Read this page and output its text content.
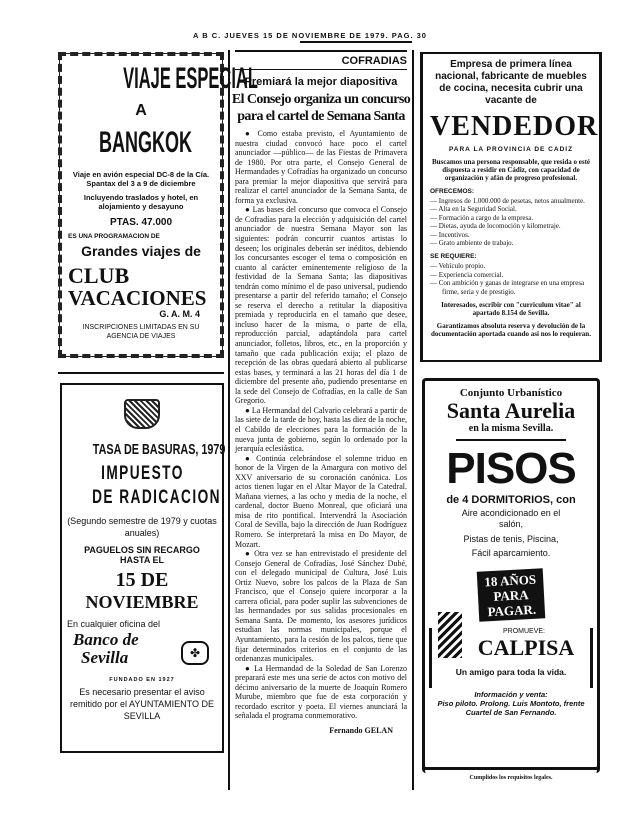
A B C. JUEVES 15 DE NOVIEMBRE DE 1979. PAG. 30
VIAJE ESPECIAL
A
BANGKOK
Viaje en avión especial DC-8 de la Cía. Spantax del 3 a 9 de diciembre
Incluyendo traslados y hotel, en alojamiento y desayuno
PTAS. 47.000
ES UNA PROGRAMACION DE
Grandes viajes de
CLUB
VACACIONES
G. A. M. 4
INSCRIPCIONES LIMITADAS EN SU AGENCIA DE VIAJES
TASA DE BASURAS, 1979
IMPUESTO
DE RADICACION
(Segundo semestre de 1979 y cuotas anuales)
PAGUELOS SIN RECARGO
HASTA EL
15 DE
NOVIEMBRE
En cualquier oficina del
Banco de
Sevilla	✤
FUNDADO EN 1927
Es necesario presentar el aviso remitido por el AYUNTAMIENTO DE SEVILLA
COFRADIAS
Premiará la mejor diapositiva
El Consejo organiza un concurso para el cartel de Semana Santa

● Como estaba previsto, el Ayuntamiento de nuestra ciudad convocó hace poco el cartel anunciador —público— de las Fiestas de Primavera de 1980. Por otra parte, el Consejo General de Hermandades y Cofradías ha organizado un concurso para premiar la mejor diapositiva que servirá para realizar el cartel anunciador de la Semana Santa, de forma ya exclusiva.

● Las bases del concurso que convoca el Consejo de Cofradías para la elección y adquisición del cartel anunciador de nuestra Semana Mayor son las siguientes: podrán concurrir cuantos artistas lo deseen; los originales deberán ser inéditos, debiendo los concursantes escoger el tema o composición en cuanto al carácter eminentemente religioso de la festividad de la Semana Santa; las diapositivas tendrán como mínimo el de paso universal, pudiendo presentarse a partir del referido tamaño; el Consejo se reserva el derecho a retitular la diapositiva premiada y reproducirla en el tamaño que desee, incluso hacer de la misma, o parte de ella, reproducción parcial, adaptándola para cartel anunciador, folletos, libros, etc., en la proporción y tamaño que cada publicación exija; el plazo de recepción de las obras quedará abierto al publicarse estas bases, y terminará a las 21 horas del día 1 de diciembre del presente año, pudiendo presentarse en la sede del Consejo de Cofradías, en la calle de San Gregorio.

● La Hermandad del Calvario celebrará a partir de las siete de la tarde de hoy, hasta las diez de la noche, el Cabildo de elecciones para la formación de la nueva junta de gobierno, según lo ordenado por la jerarquía eclesiástica.

● Continúa celebrándose el solemne triduo en honor de la Virgen de la Amargura con motivo del XXV aniversario de su coronación canónica. Los actos tienen lugar en el Altar Mayor de la Catedral. Mañana viernes, a las ocho y media de la noche, el cardenal, doctor Bueno Monreal, que oficiará una misa de rito pontifical. Intervendrá la Asociación Coral de Sevilla, bajo la dirección de Juan Rodríguez Romero. Se interpretará la misa en Do Mayor, de Mozart.

● Otra vez se han entrevistado el presidente del Consejo General de Cofradías, José Sánchez Dubé, con el delegado municipal de Cultura, José Luis Ortiz Nuevo, sobre los palcos de la Plaza de San Francisco, que el Consejo quiere incorporar a la carrera oficial, para poder suplir las subvenciones de las hermandades por sus salidas procesionales en Semana Santa. De momento, los asesores jurídicos estudian las normas municipales, porque el Ayuntamiento, para la cesión de los palcos, tiene que fijar determinados criterios en el conjunto de las ordenanzas municipales.

● La Hermandad de la Soledad de San Lorenzo preparará este mes una serie de actos con motivo del décimo aniversario de la muerte de Joaquín Romero Murube, miembro que fue de esta corporación y recordado escritor y poeta. El viernes anunciará la señalada el programa conmemorativo.

Fernando GELAN
Empresa de primera línea nacional, fabricante de muebles de cocina, necesita cubrir una vacante de
VENDEDOR
PARA LA PROVINCIA DE CADIZ
Buscamos una persona responsable, que resida o esté dispuesta a residir en Cádiz, con capacidad de organización y afán de progreso profesional.
OFRECEMOS:
— Ingresos de 1.000.000 de pesetas, netos anualmente.
— Alta en la Seguridad Social.
— Formación a cargo de la empresa.
— Dietas, ayuda de locomoción y kilometraje.
— Incentivos.
— Grato ambiente de trabajo.
SE REQUIERE:
— Vehículo propio.
— Experiencia comercial.
— Con ambición y ganas de integrarse en una empresa firme, seria y de prestigio.
Interesados, escribir con "curriculum vitae" al apartado 8.154 de Sevilla.
Garantizamos absoluta reserva y devolución de la documentación aportada cuando así nos lo requieran.
Conjunto Urbanístico
Santa Aurelia
en la misma Sevilla.
PISOS
de 4 DORMITORIOS, con
Aire acondicionado en el salón,
Pistas de tenis, Piscina,
Fácil aparcamiento.
18 AÑOS PARA PAGAR.
PROMUEVE:
CALPISA
Un amigo para toda la vida.
Información y venta:
Piso piloto. Prolong. Luis Montoto, frente Cuartel de San Fernando.
Cumplidos los requisitos legales.
